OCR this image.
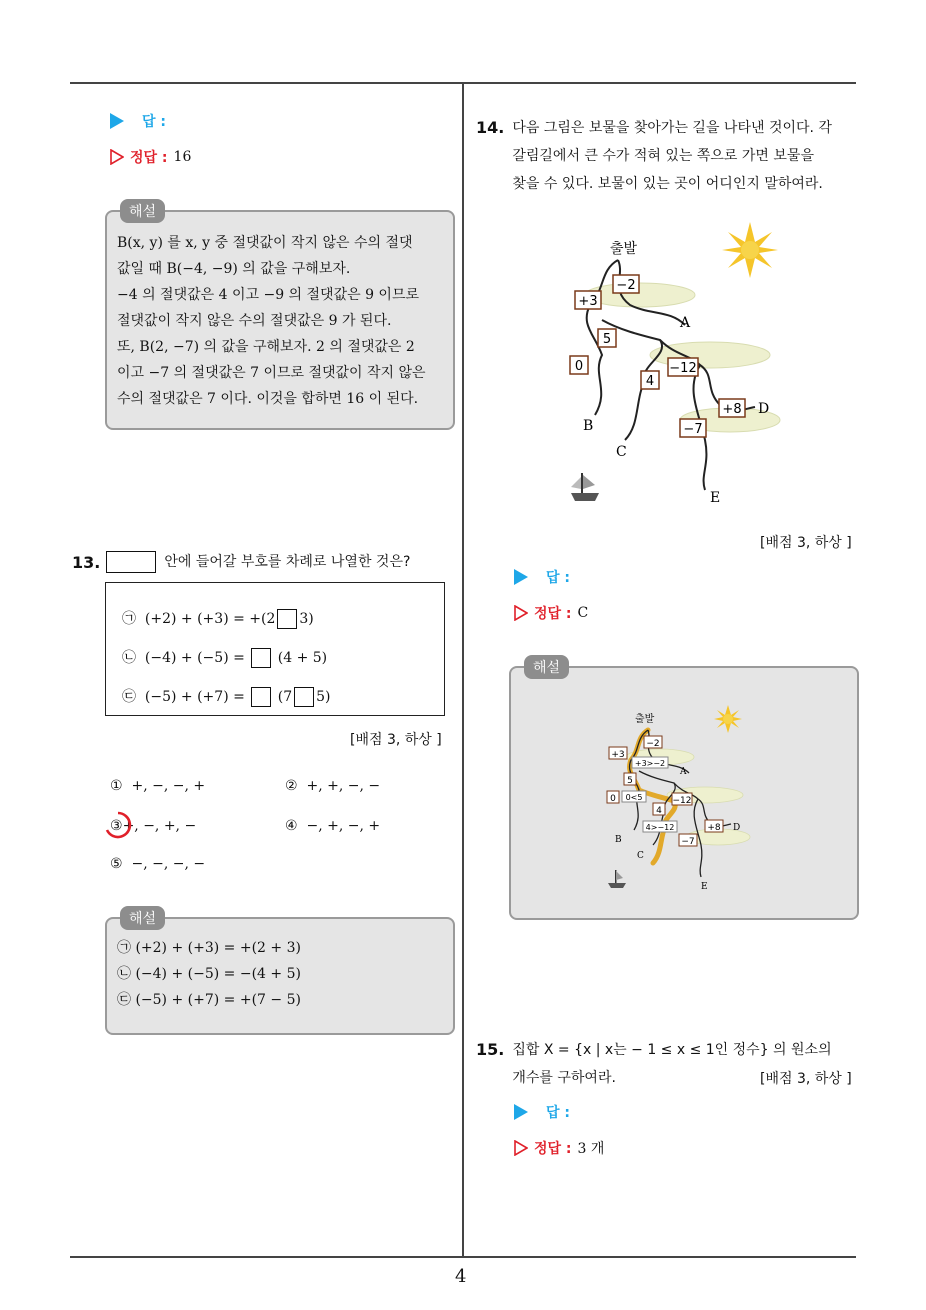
4
답 :
정답 : 16
해설
B(x, y) 를 x, y 중 절댓값이 작지 않은 수의 절댓
값일 때 B(−4, −9) 의 값을 구해보자.
−4 의 절댓값은 4 이고 −9 의 절댓값은 9 이므로
절댓값이 작지 않은 수의 절댓값은 9 가 된다.
또, B(2, −7) 의 값을 구해보자. 2 의 절댓값은 2
이고 −7 의 절댓값은 7 이므로 절댓값이 작지 않은
수의 절댓값은 7 이다. 이것을 합하면 16 이 된다.
13.	안에 들어갈 부호를 차례로 나열한 것은?
㉠ (+2) + (+3) = +(2 3)
㉡ (−4) + (−5) = (4 + 5)
㉢ (−5) + (+7) = (7 5)
[배점 3, 하상 ]
① +, −, −, +	② +, +, −, −
③+, −, +, −	④ −, +, −, +
⑤ −, −, −, −
해설
㉠ (+2) + (+3) = +(2 + 3)
㉡ (−4) + (−5) = −(4 + 5)
㉢ (−5) + (+7) = +(7 − 5)
14. 다음 그림은 보물을 찾아가는 길을 나타낸 것이다. 각
갈림길에서 큰 수가 적혀 있는 쪽으로 가면 보물을
찾을 수 있다. 보물이 있는 곳이 어디인지 말하여라.
출발
−2
+3
5
0
4
−12
+8
−7
A
B
C
D
E
[배점 3, 하상 ]
답 :
정답 : C
해설
출발
−2
+3
5
0
4
−12
+8
−7
+3>−2
0<5
4>−12
A
B
C
D
E
15. 집합 X = {x | x는 − 1 ≤ x ≤ 1인 정수} 의 원소의
개수를 구하여라.	[배점 3, 하상 ]
답 :
정답 : 3 개
